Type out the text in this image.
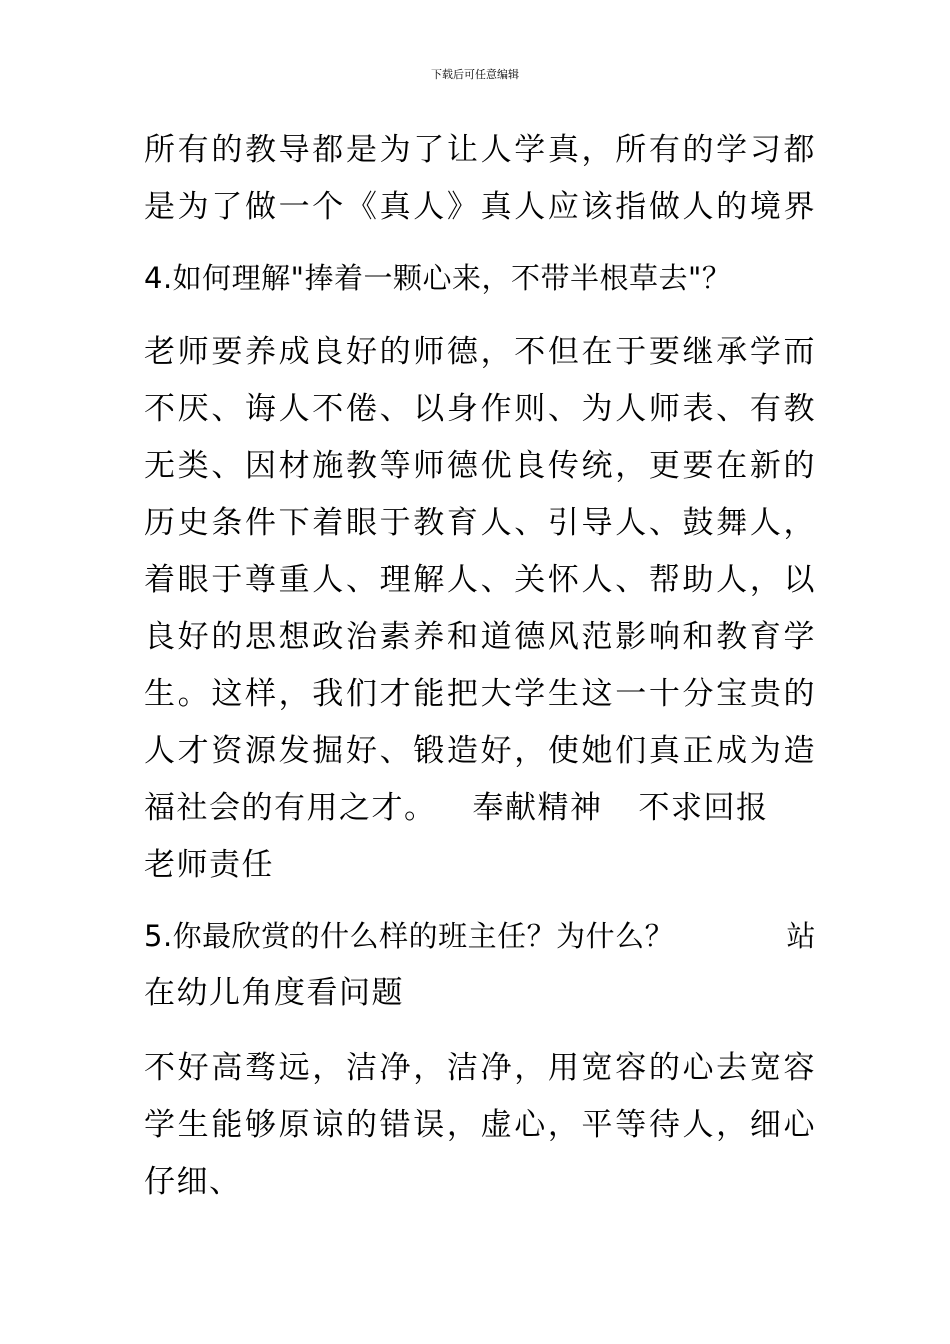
下载后可任意编辑
所有的教导都是为了让人学真，所有的学习都
是为了做一个《真人》真人应该指做人的境界
4.如何理解"捧着一颗心来，不带半根草去"？
老师要养成良好的师德，不但在于要继承学而
不厌、诲人不倦、以身作则、为人师表、有教
无类、因材施教等师德优良传统，更要在新的
历史条件下着眼于教育人、引导人、鼓舞人，
着眼于尊重人、理解人、关怀人、帮助人，以
良好的思想政治素养和道德风范影响和教育学
生。这样，我们才能把大学生这一十分宝贵的
人才资源发掘好、锻造好，使她们真正成为造
福社会的有用之才。 奉献精神 不求回报
老师责任
5.你最欣赏的什么样的班主任？为什么？	站
在幼儿角度看问题
不好高骛远，洁净，洁净，用宽容的心去宽容
学生能够原谅的错误，虚心，平等待人，细心
仔细、
